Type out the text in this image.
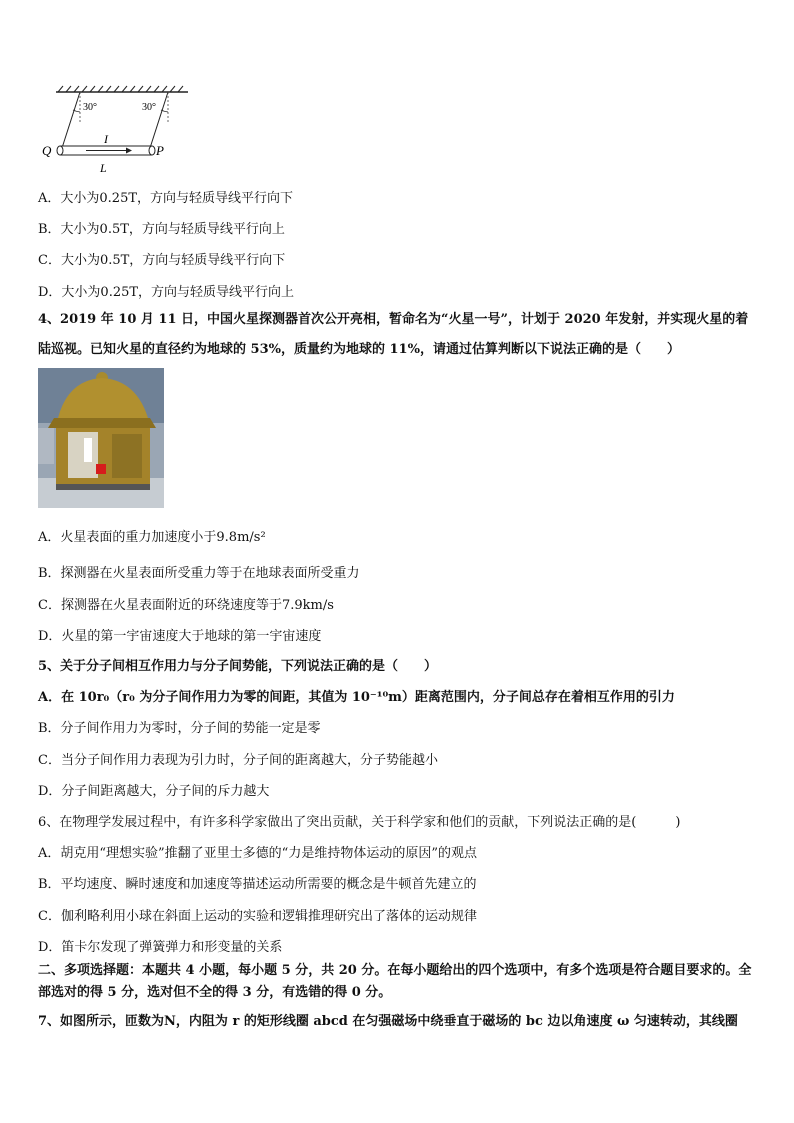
30°	30°
I
L
Q	P
A．大小为0.25T，方向与轻质导线平行向下
B．大小为0.5T，方向与轻质导线平行向上
C．大小为0.5T，方向与轻质导线平行向下
D．大小为0.25T，方向与轻质导线平行向上
4、2019 年 10 月 11 日，中国火星探测器首次公开亮相，暂命名为“火星一号”，计划于 2020 年发射，并实现火星的着陆巡视。已知火星的直径约为地球的 53%，质量约为地球的 11%，请通过估算判断以下说法正确的是（　　）
A．火星表面的重力加速度小于9.8m/s²
B．探测器在火星表面所受重力等于在地球表面所受重力
C．探测器在火星表面附近的环绕速度等于7.9km/s
D．火星的第一宇宙速度大于地球的第一宇宙速度
5、关于分子间相互作用力与分子间势能，下列说法正确的是（　　）
A．在 10r₀（r₀ 为分子间作用力为零的间距，其值为 10⁻¹⁰m）距离范围内，分子间总存在着相互作用的引力
B．分子间作用力为零时，分子间的势能一定是零
C．当分子间作用力表现为引力时，分子间的距离越大，分子势能越小
D．分子间距离越大，分子间的斥力越大
6、在物理学发展过程中，有许多科学家做出了突出贡献，关于科学家和他们的贡献，下列说法正确的是(　　　)
A．胡克用“理想实验”推翻了亚里士多德的“力是维持物体运动的原因”的观点
B．平均速度、瞬时速度和加速度等描述运动所需要的概念是牛顿首先建立的
C．伽利略利用小球在斜面上运动的实验和逻辑推理研究出了落体的运动规律
D．笛卡尔发现了弹簧弹力和形变量的关系
二、多项选择题：本题共 4 小题，每小题 5 分，共 20 分。在每小题给出的四个选项中，有多个选项是符合题目要求的。全部选对的得 5 分，选对但不全的得 3 分，有选错的得 0 分。
7、如图所示，匝数为N，内阻为 r 的矩形线圈 abcd 在匀强磁场中绕垂直于磁场的 bc 边以角速度 ω 匀速转动，其线圈
